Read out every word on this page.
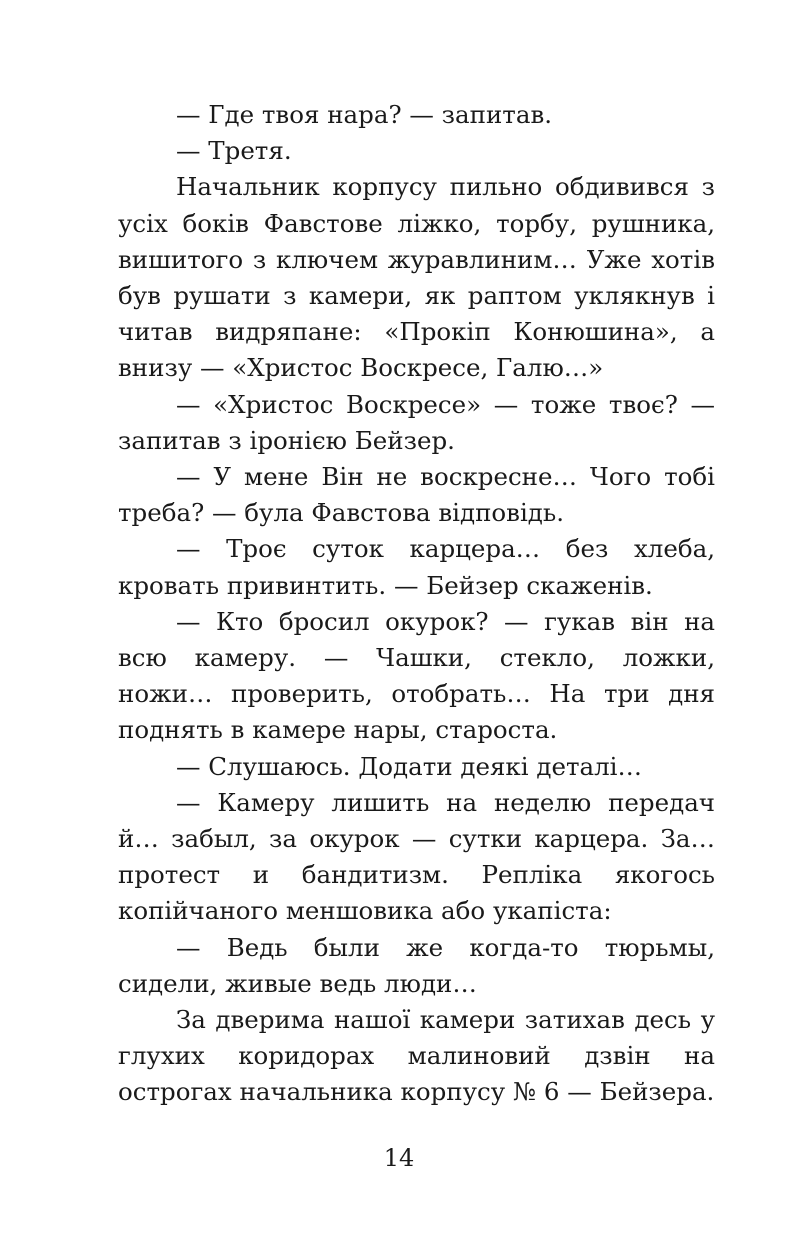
— Где твоя нара? — запитав.

— Третя.

Начальник корпусу пильно обдивився з усіх боків Фавстове ліжко, торбу, рушника, вишитого з ключем журавлиним… Уже хотів був рушати з камери, як раптом уклякнув і читав видряпане: «Прокіп Конюшина», а внизу — «Христос Воскресе, Галю…»

— «Христос Воскресе» — тоже твоє? — запитав з іронією Бейзер.

— У мене Він не воскресне… Чого тобі треба? — була Фавстова відповідь.

— Троє суток карцера… без хлеба, кровать привинтить. — Бейзер скаженів.

— Кто бросил окурок? — гукав він на всю камеру. — Чашки, стекло, ложки, ножи… проверить, отобрать… На три дня поднять в камере нары, староста.

— Слушаюсь. Додати деякі деталі…

— Камеру лишить на неделю передач й… забыл, за окурок — сутки карцера. За… протест и бандитизм. Репліка якогось копійчаного меншовика або укапіста:

— Ведь были же когда-то тюрьмы, сидели, живые ведь люди…

За дверима нашої камери затихав десь у глухих коридорах малиновий дзвін на острогах начальника корпусу № 6 — Бейзера.

14
